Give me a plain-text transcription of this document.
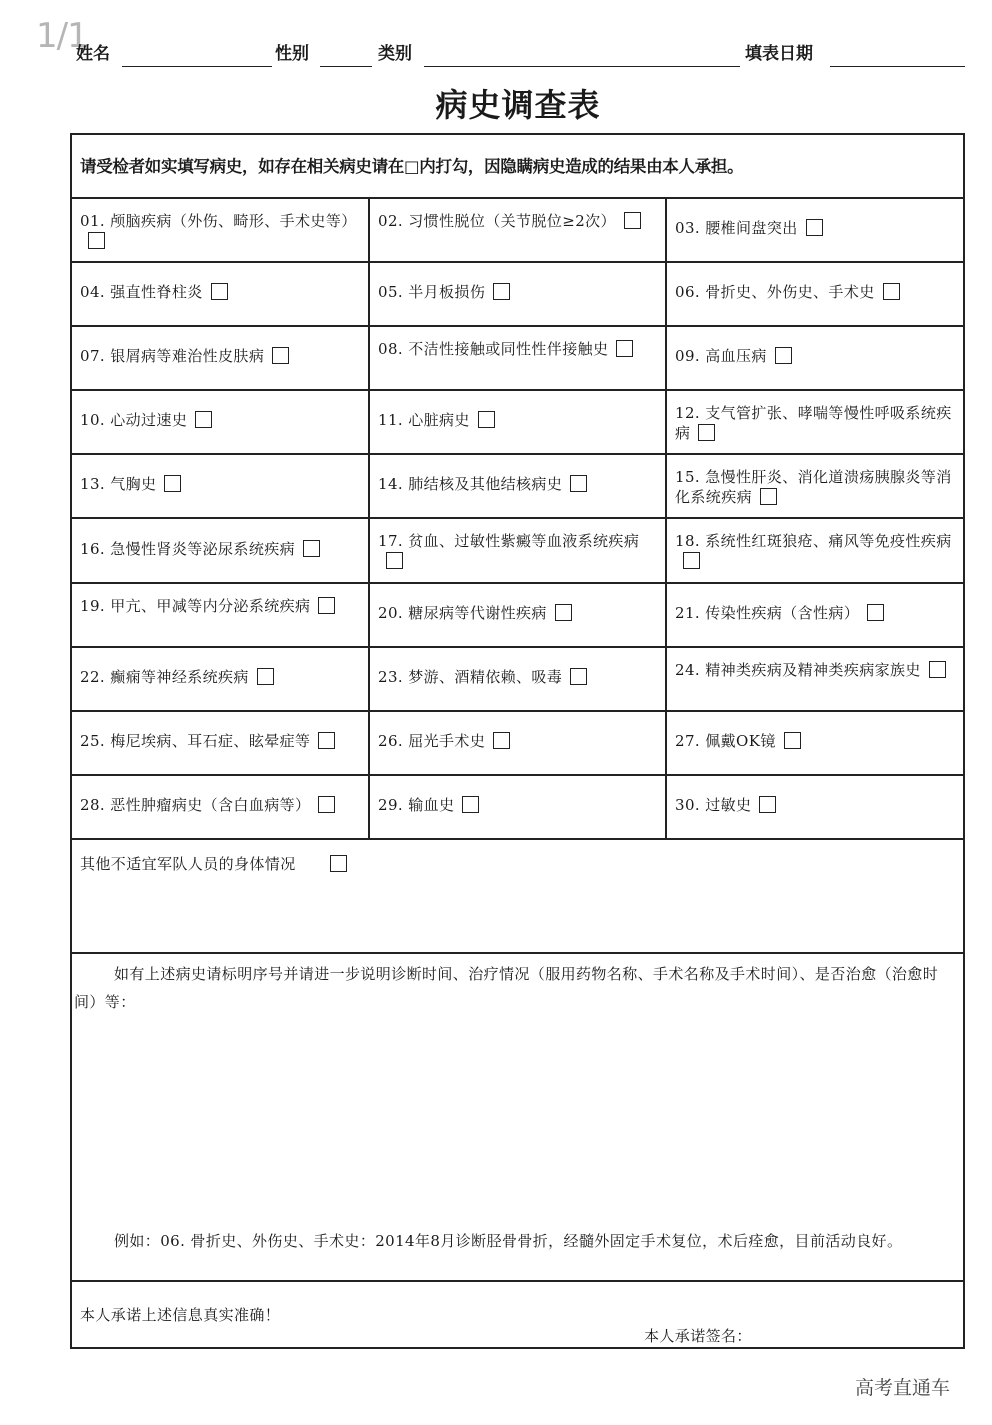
1/1
姓名	性别	类别	填表日期
病史调查表
请受检者如实填写病史，如存在相关病史请在□内打勾，因隐瞒病史造成的结果由本人承担。
01. 颅脑疾病（外伤、畸形、手术史等）	02. 习惯性脱位（关节脱位≥2次）	03. 腰椎间盘突出
04. 强直性脊柱炎	05. 半月板损伤	06. 骨折史、外伤史、手术史
07. 银屑病等难治性皮肤病	08. 不洁性接触或同性性伴接触史	09. 高血压病
10. 心动过速史	11. 心脏病史	12. 支气管扩张、哮喘等慢性呼吸系统疾病
13. 气胸史	14. 肺结核及其他结核病史	15. 急慢性肝炎、消化道溃疡胰腺炎等消化系统疾病
16. 急慢性肾炎等泌尿系统疾病	17. 贫血、过敏性紫癜等血液系统疾病	18. 系统性红斑狼疮、痛风等免疫性疾病
19. 甲亢、甲减等内分泌系统疾病	20. 糖尿病等代谢性疾病	21. 传染性疾病（含性病）
22. 癫痫等神经系统疾病	23. 梦游、酒精依赖、吸毒	24. 精神类疾病及精神类疾病家族史
25. 梅尼埃病、耳石症、眩晕症等	26. 屈光手术史	27. 佩戴OK镜
28. 恶性肿瘤病史（含白血病等）	29. 输血史	30. 过敏史
其他不适宜军队人员的身体情况
如有上述病史请标明序号并请进一步说明诊断时间、治疗情况（服用药物名称、手术名称及手术时间）、是否治愈（治愈时间）等：
例如：06. 骨折史、外伤史、手术史：2014年8月诊断胫骨骨折，经髓外固定手术复位，术后痊愈，目前活动良好。
本人承诺上述信息真实准确！
本人承诺签名：
高考直通车
